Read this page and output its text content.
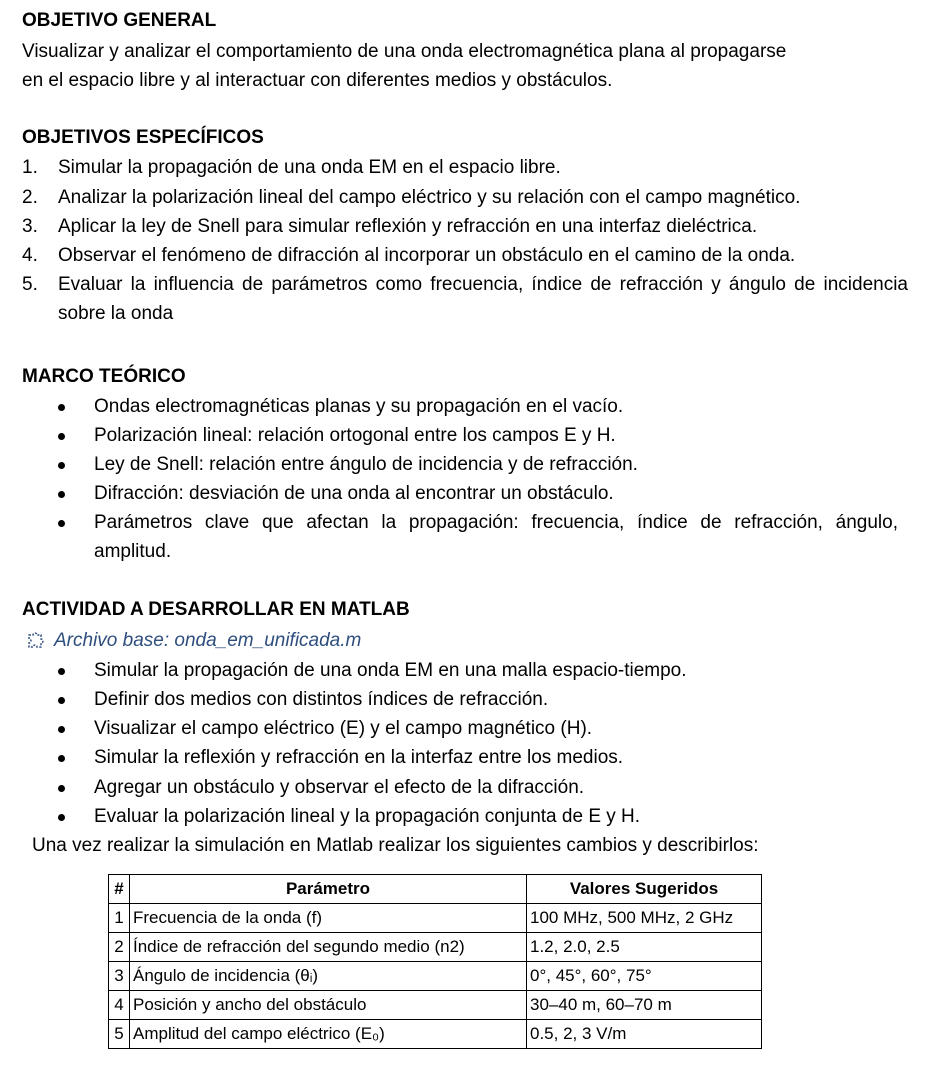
OBJETIVO GENERAL
Visualizar y analizar el comportamiento de una onda electromagnética plana al propagarse
en el espacio libre y al interactuar con diferentes medios y obstáculos.
OBJETIVOS ESPECÍFICOS
1. Simular la propagación de una onda EM en el espacio libre.
2. Analizar la polarización lineal del campo eléctrico y su relación con el campo magnético.
3. Aplicar la ley de Snell para simular reflexión y refracción en una interfaz dieléctrica.
4. Observar el fenómeno de difracción al incorporar un obstáculo en el camino de la onda.
5. Evaluar la influencia de parámetros como frecuencia, índice de refracción y ángulo de incidencia sobre la onda
MARCO TEÓRICO
Ondas electromagnéticas planas y su propagación en el vacío.
Polarización lineal: relación ortogonal entre los campos E y H.
Ley de Snell: relación entre ángulo de incidencia y de refracción.
Difracción: desviación de una onda al encontrar un obstáculo.
Parámetros clave que afectan la propagación: frecuencia, índice de refracción, ángulo, amplitud.
ACTIVIDAD A DESARROLLAR EN MATLAB
Archivo base: onda_em_unificada.m
Simular la propagación de una onda EM en una malla espacio-tiempo.
Definir dos medios con distintos índices de refracción.
Visualizar el campo eléctrico (E) y el campo magnético (H).
Simular la reflexión y refracción en la interfaz entre los medios.
Agregar un obstáculo y observar el efecto de la difracción.
Evaluar la polarización lineal y la propagación conjunta de E y H.
Una vez realizar la simulación en Matlab realizar los siguientes cambios y describirlos:
#	Parámetro	Valores Sugeridos
1	Frecuencia de la onda (f)	100 MHz, 500 MHz, 2 GHz
2	Índice de refracción del segundo medio (n2)	1.2, 2.0, 2.5
3	Ángulo de incidencia (θᵢ)	0°, 45°, 60°, 75°
4	Posición y ancho del obstáculo	30–40 m, 60–70 m
5	Amplitud del campo eléctrico (E₀)	0.5, 2, 3 V/m
